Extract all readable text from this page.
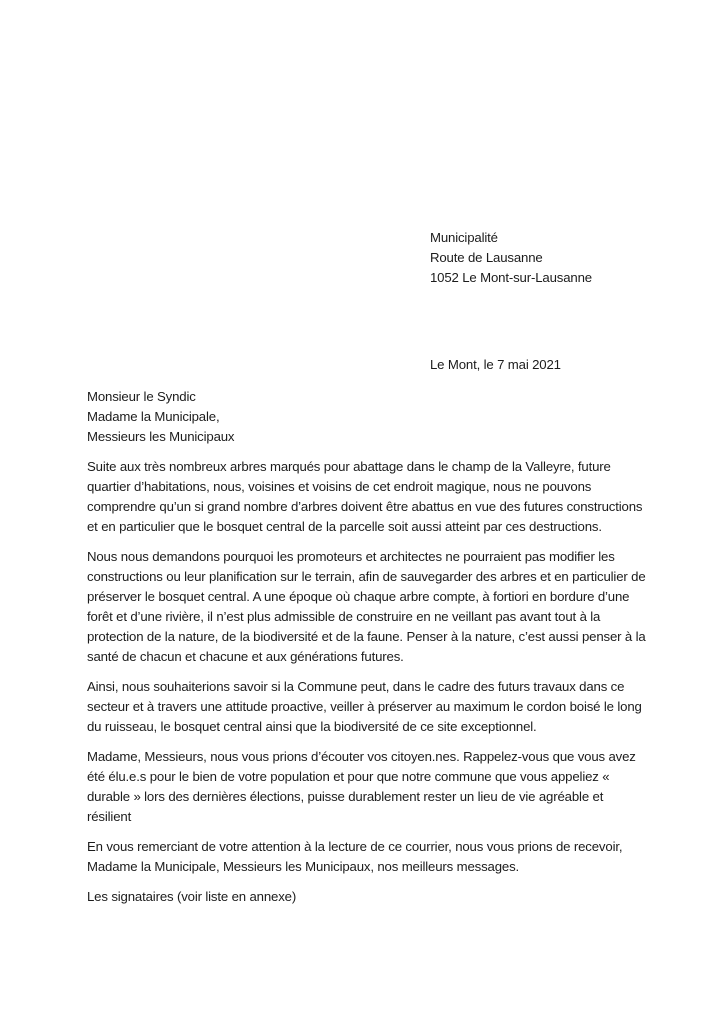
Municipalité
Route de Lausanne
1052 Le Mont-sur-Lausanne
Le Mont, le 7 mai 2021
Monsieur le Syndic
Madame la Municipale,
Messieurs les Municipaux

Suite aux très nombreux arbres marqués pour abattage dans le champ de la Valleyre, future quartier d’habitations, nous, voisines et voisins de cet endroit magique, nous ne pouvons comprendre qu’un si grand nombre d’arbres doivent être abattus en vue des futures constructions et en particulier que le bosquet central de la parcelle soit aussi atteint par ces destructions.

Nous nous demandons pourquoi les promoteurs et architectes ne pourraient pas modifier les constructions ou leur planification sur le terrain, afin de sauvegarder des arbres et en particulier de préserver le bosquet central. A une époque où chaque arbre compte, à fortiori en bordure d’une forêt et d’une rivière, il n’est plus admissible de construire en ne veillant pas avant tout à la protection de la nature, de la biodiversité et de la faune. Penser à la nature, c’est aussi penser à la santé de chacun et chacune et aux générations futures.

Ainsi, nous souhaiterions savoir si la Commune peut, dans le cadre des futurs travaux dans ce secteur et à travers une attitude proactive, veiller à préserver au maximum le cordon boisé le long du ruisseau, le bosquet central ainsi que la biodiversité de ce site exceptionnel.

Madame, Messieurs, nous vous prions d’écouter vos citoyen.nes. Rappelez-vous que vous avez été élu.e.s pour le bien de votre population et pour que notre commune que vous appeliez « durable » lors des dernières élections, puisse durablement rester un lieu de vie agréable et résilient

En vous remerciant de votre attention à la lecture de ce courrier, nous vous prions de recevoir, Madame la Municipale, Messieurs les Municipaux, nos meilleurs messages.

Les signataires (voir liste en annexe)
